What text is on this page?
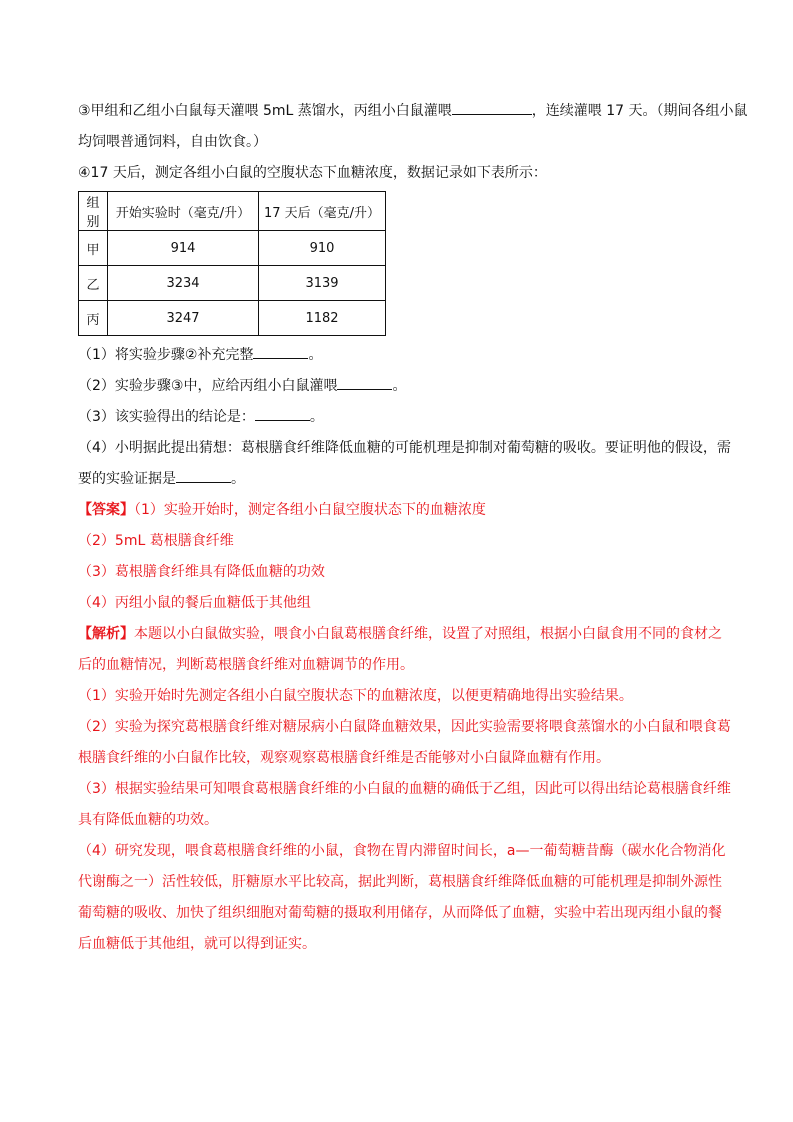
③甲组和乙组小白鼠每天灌喂 5mL 蒸馏水，丙组小白鼠灌喂	，连续灌喂 17 天。（期间各组小鼠
均饲喂普通饲料，自由饮食。）
④17 天后，测定各组小白鼠的空腹状态下血糖浓度，数据记录如下表所示：
组别	开始实验时（毫克/升）	17 天后（毫克/升）
甲	914	910
乙	3234	3139
丙	3247	1182
（1）将实验步骤②补充完整	。
（2）实验步骤③中，应给丙组小白鼠灌喂	。
（3）该实验得出的结论是：	。
（4）小明据此提出猜想：葛根膳食纤维降低血糖的可能机理是抑制对葡萄糖的吸收。要证明他的假设，需
要的实验证据是	。
【答案】（1）实验开始时，测定各组小白鼠空腹状态下的血糖浓度
（2）5mL 葛根膳食纤维
（3）葛根膳食纤维具有降低血糖的功效
（4）丙组小鼠的餐后血糖低于其他组
【解析】本题以小白鼠做实验，喂食小白鼠葛根膳食纤维，设置了对照组，根据小白鼠食用不同的食材之
后的血糖情况，判断葛根膳食纤维对血糖调节的作用。
（1）实验开始时先测定各组小白鼠空腹状态下的血糖浓度，以便更精确地得出实验结果。
（2）实验为探究葛根膳食纤维对糖尿病小白鼠降血糖效果，因此实验需要将喂食蒸馏水的小白鼠和喂食葛
根膳食纤维的小白鼠作比较，观察观察葛根膳食纤维是否能够对小白鼠降血糖有作用。
（3）根据实验结果可知喂食葛根膳食纤维的小白鼠的血糖的确低于乙组，因此可以得出结论葛根膳食纤维
具有降低血糖的功效。
（4）研究发现，喂食葛根膳食纤维的小鼠，食物在胃内滞留时间长，a—一葡萄糖昔酶（碳水化合物消化
代谢酶之一）活性较低，肝糖原水平比较高，据此判断，葛根膳食纤维降低血糖的可能机理是抑制外源性
葡萄糖的吸收、加快了组织细胞对葡萄糖的摄取利用储存，从而降低了血糖，实验中若出现丙组小鼠的餐
后血糖低于其他组，就可以得到证实。
